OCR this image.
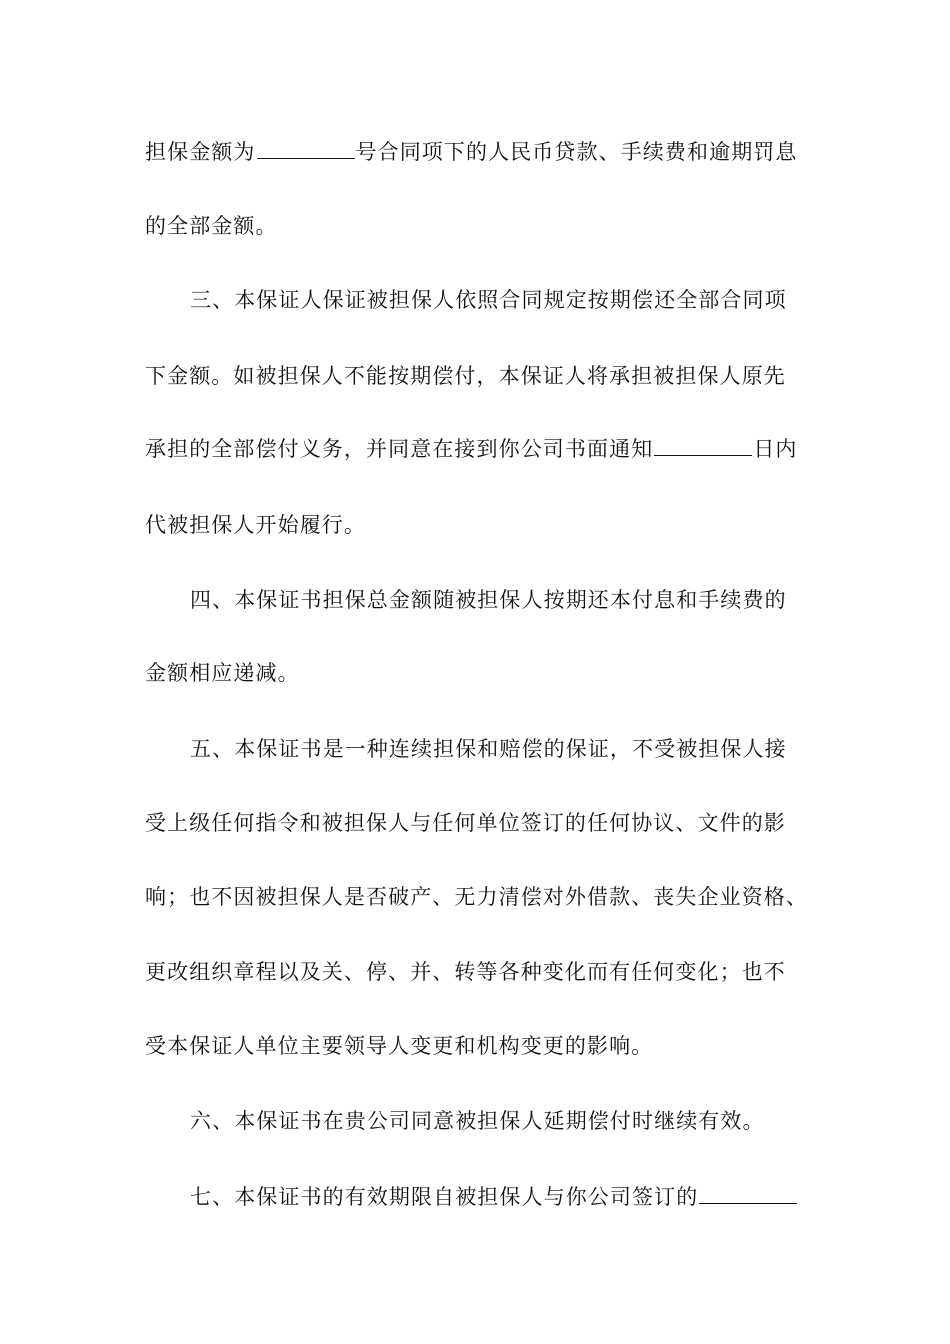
担保金额为	号合同项下的人民币贷款、手续费和逾期罚息
的全部金额。
三、本保证人保证被担保人依照合同规定按期偿还全部合同项
下金额。如被担保人不能按期偿付，本保证人将承担被担保人原先
承担的全部偿付义务，并同意在接到你公司书面通知	日内
代被担保人开始履行。
四、本保证书担保总金额随被担保人按期还本付息和手续费的
金额相应递减。
五、本保证书是一种连续担保和赔偿的保证，不受被担保人接
受上级任何指令和被担保人与任何单位签订的任何协议、文件的影
响；也不因被担保人是否破产、无力清偿对外借款、丧失企业资格、
更改组织章程以及关、停、并、转等各种变化而有任何变化；也不
受本保证人单位主要领导人变更和机构变更的影响。
六、本保证书在贵公司同意被担保人延期偿付时继续有效。
七、本保证书的有效期限自被担保人与你公司签订的
